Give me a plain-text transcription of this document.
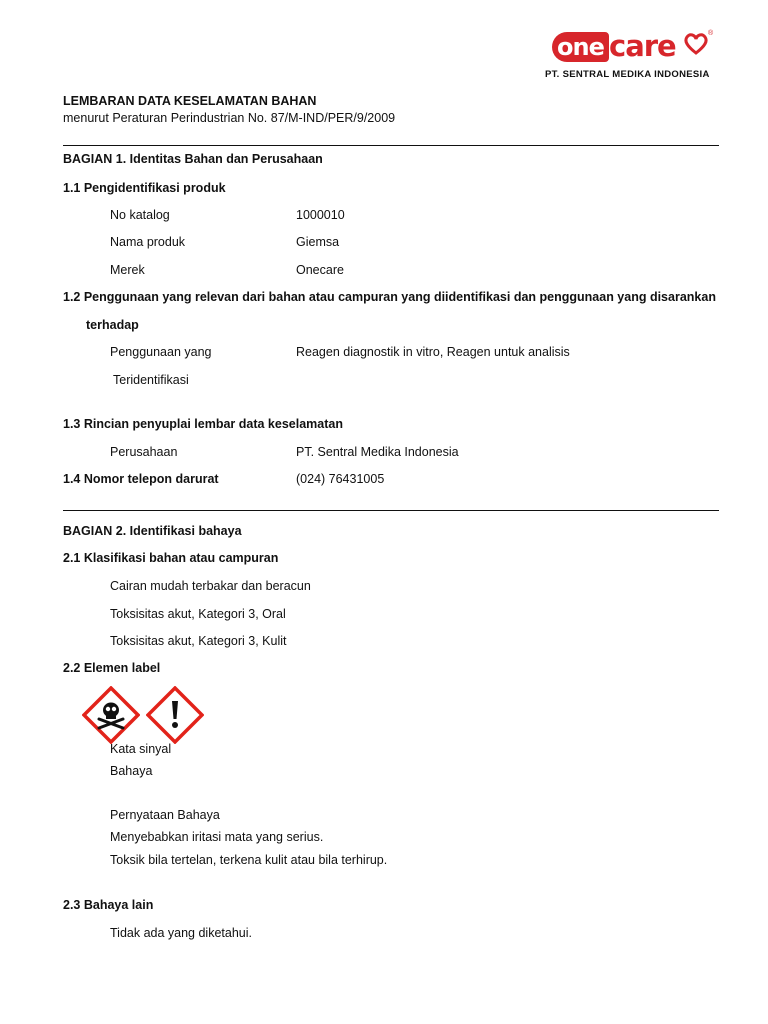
one care	®
PT. SENTRAL MEDIKA INDONESIA
LEMBARAN DATA KESELAMATAN BAHAN
menurut Peraturan Perindustrian No. 87/M-IND/PER/9/2009
BAGIAN 1. Identitas Bahan dan Perusahaan
1.1 Pengidentifikasi produk
No katalog	1000010
Nama produk	Giemsa
Merek	Onecare
1.2 Penggunaan yang relevan dari bahan atau campuran yang diidentifikasi dan penggunaan yang disarankan
terhadap
Penggunaan yang	Reagen diagnostik in vitro, Reagen untuk analisis
Teridentifikasi
1.3 Rincian penyuplai lembar data keselamatan
Perusahaan	PT. Sentral Medika Indonesia
1.4 Nomor telepon darurat	(024) 76431005
BAGIAN 2. Identifikasi bahaya
2.1 Klasifikasi bahan atau campuran
Cairan mudah terbakar dan beracun
Toksisitas akut, Kategori 3, Oral
Toksisitas akut, Kategori 3, Kulit
2.2 Elemen label
Kata sinyal
Bahaya
Pernyataan Bahaya
Menyebabkan iritasi mata yang serius.
Toksik bila tertelan, terkena kulit atau bila terhirup.
2.3 Bahaya lain
Tidak ada yang diketahui.
